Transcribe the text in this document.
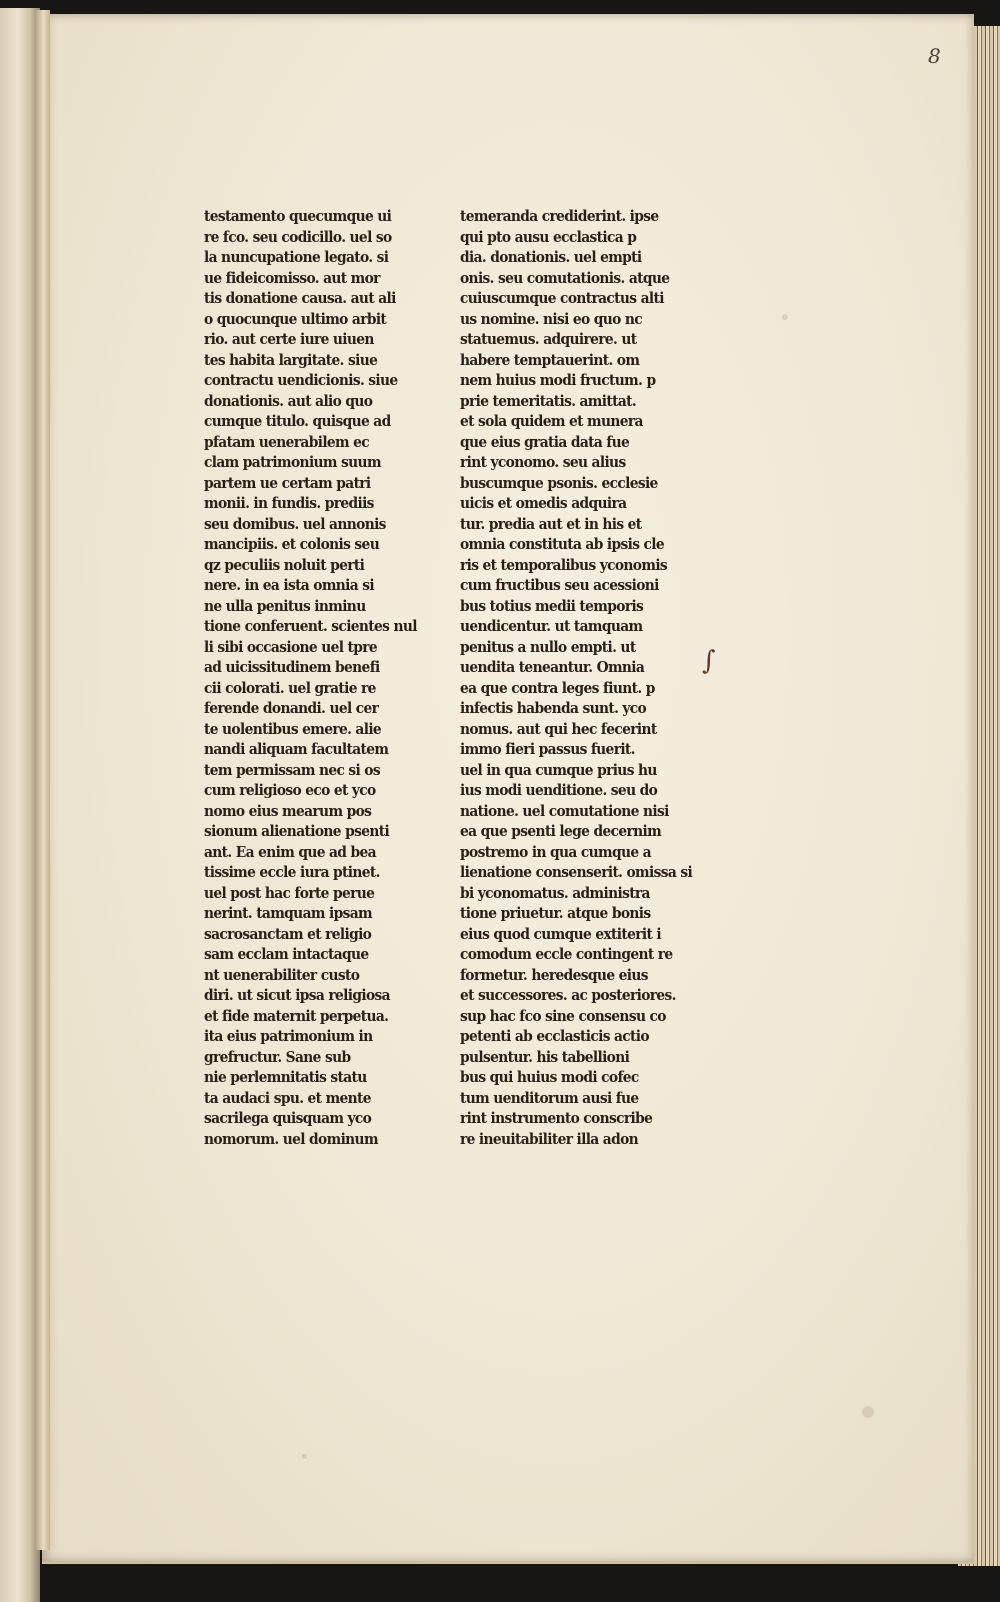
8

testamento quecumque ui
re fco. seu codicillo. uel so
la nuncupatione legato. si
ue fideicomisso. aut mor
tis donatione causa. aut ali
o quocunque ultimo arbit
rio. aut certe iure uiuen
tes habita largitate. siue
contractu uendicionis. siue
donationis. aut alio quo
cumque titulo. quisque ad
pfatam uenerabilem ec
clam patrimonium suum
partem ue certam patri
monii. in fundis. prediis
seu domibus. uel annonis
mancipiis. et colonis seu
qz peculiis noluit perti
nere. in ea ista omnia si
ne ulla penitus inminu
tione conferuent. scientes nul
li sibi occasione uel tpre
ad uicissitudinem benefi
cii colorati. uel gratie re
ferende donandi. uel cer
te uolentibus emere. alie
nandi aliquam facultatem
tem permissam nec si os
cum religioso eco et yco
nomo eius mearum pos
sionum alienatione psenti
ant. Ea enim que ad bea
tissime eccle iura ptinet.
uel post hac forte perue
nerint. tamquam ipsam
sacrosanctam et religio
sam ecclam intactaque
nt uenerabiliter custo
diri. ut sicut ipsa religiosa
et fide maternit perpetua.
ita eius patrimonium in
grefructur. Sane sub
nie perlemnitatis statu
ta audaci spu. et mente
sacrilega quisquam yco
nomorum. uel dominum
temeranda crediderint. ipse
qui pto ausu ecclastica p
dia. donationis. uel empti
onis. seu comutationis. atque
cuiuscumque contractus alti
us nomine. nisi eo quo nc
statuemus. adquirere. ut
habere temptauerint. om
nem huius modi fructum. p
prie temeritatis. amittat.
et sola quidem et munera
que eius gratia data fue
rint yconomo. seu alius
buscumque psonis. ecclesie
uicis et omedis adquira
tur. predia aut et in his et
omnia constituta ab ipsis cle
ris et temporalibus yconomis
cum fructibus seu acessioni
bus totius medii temporis
uendicentur. ut tamquam
penitus a nullo empti. ut
uendita teneantur. Omnia
ea que contra leges fiunt. p
infectis habenda sunt. yco
nomus. aut qui hec fecerint
immo fieri passus fuerit.
uel in qua cumque prius hu
ius modi uenditione. seu do
natione. uel comutatione nisi
ea que psenti lege decernim
postremo in qua cumque a
lienatione consenserit. omissa si
bi yconomatus. administra
tione priuetur. atque bonis
eius quod cumque extiterit i
comodum eccle contingent re
formetur. heredesque eius
et successores. ac posteriores.
sup hac fco sine consensu co
petenti ab ecclasticis actio
pulsentur. his tabellioni
bus qui huius modi cofec
tum uenditorum ausi fue
rint instrumento conscribe
re ineuitabiliter illa adon

∫
